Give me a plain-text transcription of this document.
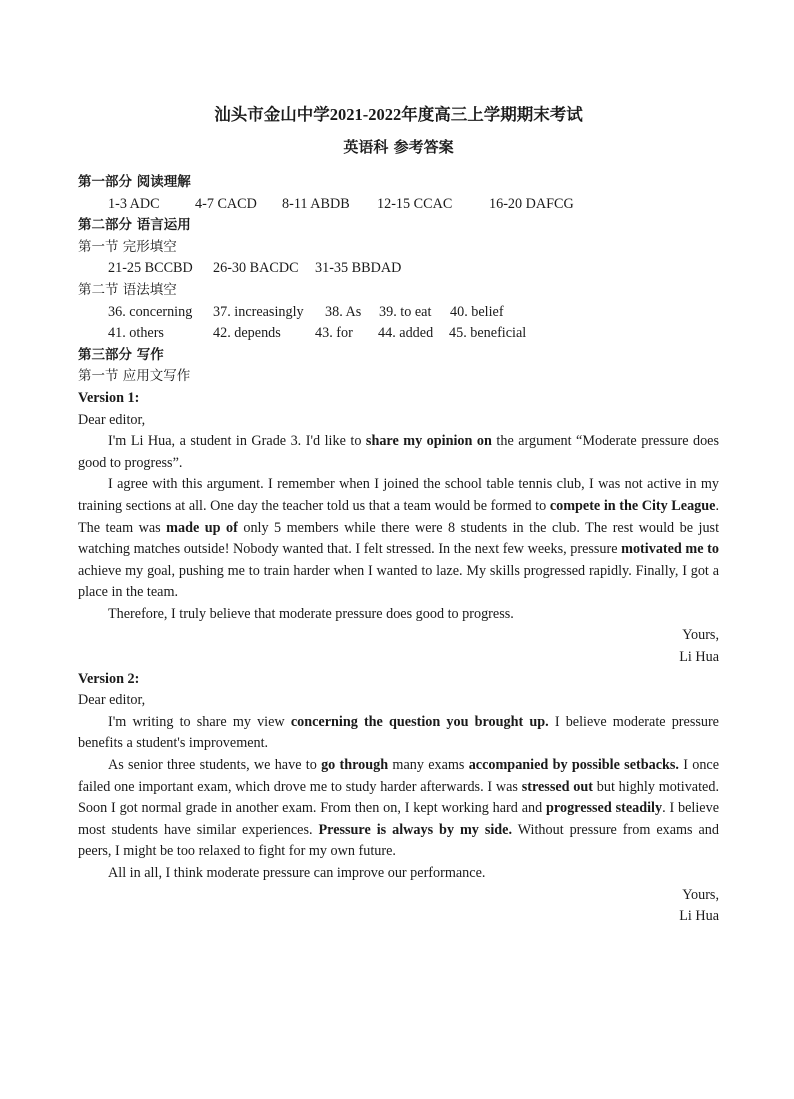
汕头市金山中学2021-2022年度高三上学期期末考试

英语科 参考答案

第一部分 阅读理解

1-3 ADC 4-7 CACD 8-11 ABDB 12-15 CCAC	16-20 DAFCG

第二部分 语言运用

第一节 完形填空

21-25 BCCBD 26-30 BACDC 31-35 BBDAD

第二节 语法填空

36. concerning 37. increasingly 38. As 39. to eat 40. belief

41. others	42. depends 43. for 44. added 45. beneficial

第三部分 写作

第一节 应用文写作

Version 1:

Dear editor,

I'm Li Hua, a student in Grade 3. I'd like to share my opinion on the argument “Moderate pressure does good to progress”.

I agree with this argument. I remember when I joined the school table tennis club, I was not active in my training sections at all. One day the teacher told us that a team would be formed to compete in the City League. The team was made up of only 5 members while there were 8 students in the club. The rest would be just watching matches outside! Nobody wanted that. I felt stressed. In the next few weeks, pressure motivated me to achieve my goal, pushing me to train harder when I wanted to laze. My skills progressed rapidly. Finally, I got a place in the team.

Therefore, I truly believe that moderate pressure does good to progress.

Yours,

Li Hua

Version 2:

Dear editor,

I'm writing to share my view concerning the question you brought up. I believe moderate pressure benefits a student's improvement.

As senior three students, we have to go through many exams accompanied by possible setbacks. I once failed one important exam, which drove me to study harder afterwards. I was stressed out but highly motivated. Soon I got normal grade in another exam. From then on, I kept working hard and progressed steadily. I believe most students have similar experiences. Pressure is always by my side. Without pressure from exams and peers, I might be too relaxed to fight for my own future.

All in all, I think moderate pressure can improve our performance.

Yours,

Li Hua
